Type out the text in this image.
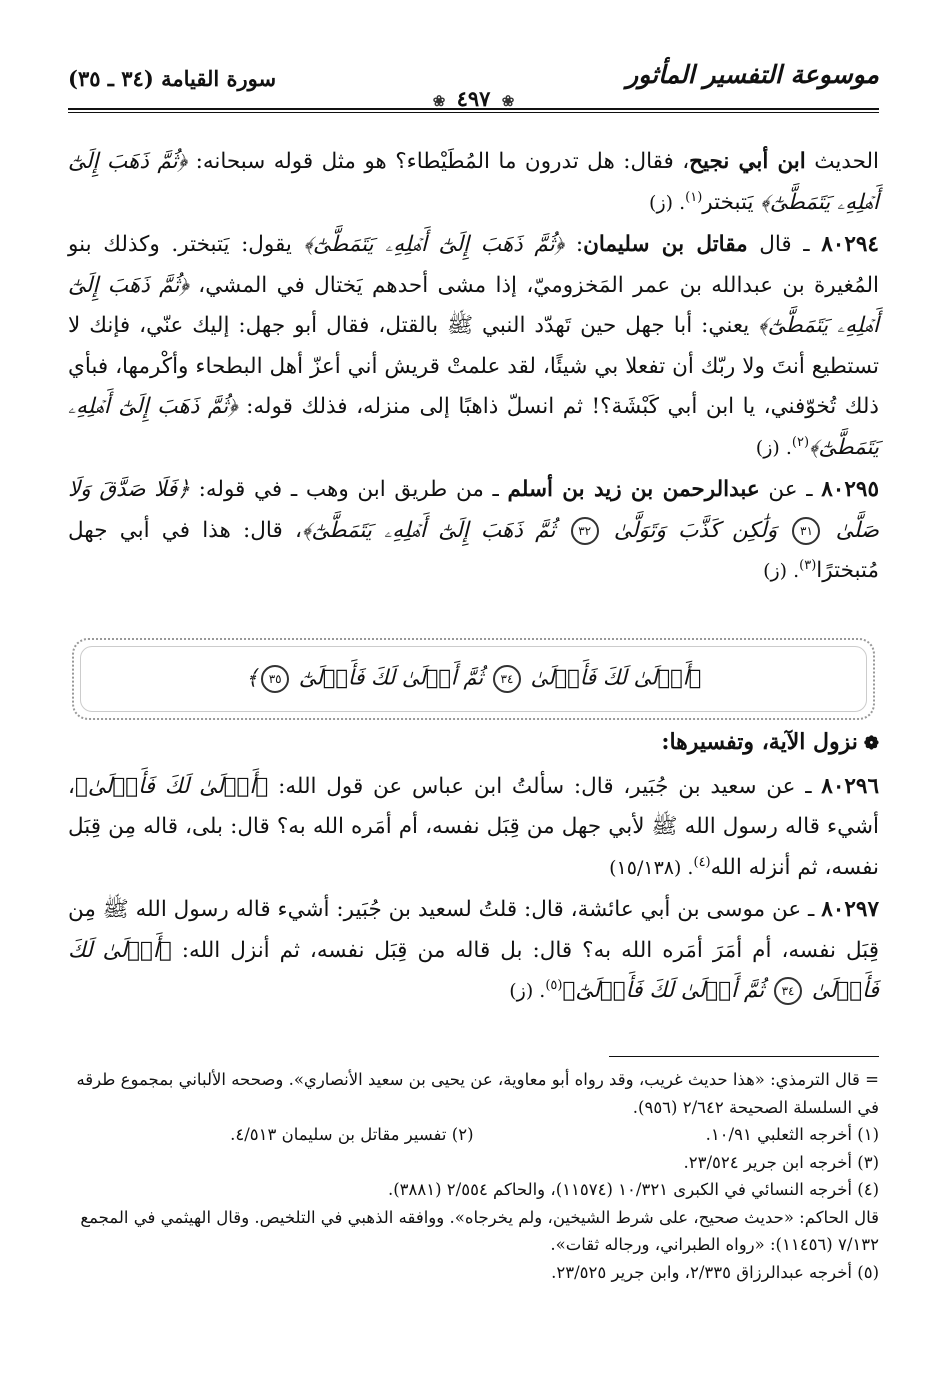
موسوعة التفسير المأثور
❀ ٤٩٧ ❀
سورة القيامة (٣٤ ـ ٣٥)

الحديث ابن أبي نجيح، فقال: هل تدرون ما المُطَيْطاء؟ هو مثل قوله سبحانه: ﴿ثُمَّ ذَهَبَ إِلَىٰٓ أَهۡلِهِۦ يَتَمَطَّىٰٓ﴾ يَتبختر$^{(١)}$. (ز)

٨٠٢٩٤ ـ قال مقاتل بن سليمان: ﴿ثُمَّ ذَهَبَ إِلَىٰٓ أَهۡلِهِۦ يَتَمَطَّىٰٓ﴾ يقول: يَتبختر. وكذلك بنو المُغيرة بن عبدالله بن عمر المَخزوميّ، إذا مشى أحدهم يَختال في المشي، ﴿ثُمَّ ذَهَبَ إِلَىٰٓ أَهۡلِهِۦ يَتَمَطَّىٰٓ﴾ يعني: أبا جهل حين تَهدّد النبي ﷺ بالقتل، فقال أبو جهل: إليك عنّي، فإنك لا تستطيع أنتَ ولا ربّك أن تفعلا بي شيئًا، لقد علمتْ قريش أني أعزّ أهل البطحاء وأكْرمها، فبأي ذلك تُخوّفني، يا ابن أبي كَبْشَة؟! ثم انسلّ ذاهبًا إلى منزله، فذلك قوله: ﴿ثُمَّ ذَهَبَ إِلَىٰٓ أَهۡلِهِۦ يَتَمَطَّىٰٓ﴾$^{(٢)}$. (ز)

٨٠٢٩٥ ـ عن عبدالرحمن بن زيد بن أسلم ـ من طريق ابن وهب ـ في قوله: ﴿فَلَا صَدَّقَ وَلَا صَلَّىٰ ٣١ وَلَٰكِن كَذَّبَ وَتَوَلَّىٰ ٣٢ ثُمَّ ذَهَبَ إِلَىٰٓ أَهۡلِهِۦ يَتَمَطَّىٰٓ﴾، قال: هذا في أبي جهل مُتبخترًا$^{(٣)}$. (ز)

﴿أَوۡلَىٰ لَكَ فَأَوۡلَىٰ ٣٤ ثُمَّ أَوۡلَىٰ لَكَ فَأَوۡلَىٰٓ ٣٥﴾

❁نزول الآية، وتفسيرها:

٨٠٢٩٦ ـ عن سعيد بن جُبَير، قال: سألتُ ابن عباس عن قول الله: ﴿أَوۡلَىٰ لَكَ فَأَوۡلَىٰ﴾، أشيء قاله رسول الله ﷺ لأبي جهل من قِبَل نفسه، أم أمَره الله به؟ قال: بلى، قاله مِن قِبَل نفسه، ثم أنزله الله$^{(٤)}$. (١٥/١٣٨)

٨٠٢٩٧ ـ عن موسى بن أبي عائشة، قال: قلتُ لسعيد بن جُبَير: أشيء قاله رسول الله ﷺ مِن قِبَل نفسه، أم أمَرَ أمَره الله به؟ قال: بل قاله من قِبَل نفسه، ثم أنزل الله: ﴿أَوۡلَىٰ لَكَ فَأَوۡلَىٰ ٣٤ ثُمَّ أَوۡلَىٰ لَكَ فَأَوۡلَىٰٓ﴾$^{(٥)}$. (ز)

= قال الترمذي: «هذا حديث غريب، وقد رواه أبو معاوية، عن يحيى بن سعيد الأنصاري». وصححه الألباني بمجموع طرقه في السلسلة الصحيحة ٢/٦٤٢ (٩٥٦).

(١) أخرجه الثعلبي ١٠/٩١.

(٢) تفسير مقاتل بن سليمان ٤/٥١٣.

(٣) أخرجه ابن جرير ٢٣/٥٢٤.

(٤) أخرجه النسائي في الكبرى ١٠/٣٢١ (١١٥٧٤)، والحاكم ٢/٥٥٤ (٣٨٨١).

قال الحاكم: «حديث صحيح، على شرط الشيخين، ولم يخرجاه». ووافقه الذهبي في التلخيص. وقال الهيثمي في المجمع ٧/١٣٢ (١١٤٥٦): «رواه الطبراني، ورجاله ثقات».

(٥) أخرجه عبدالرزاق ٢/٣٣٥، وابن جرير ٢٣/٥٢٥.
